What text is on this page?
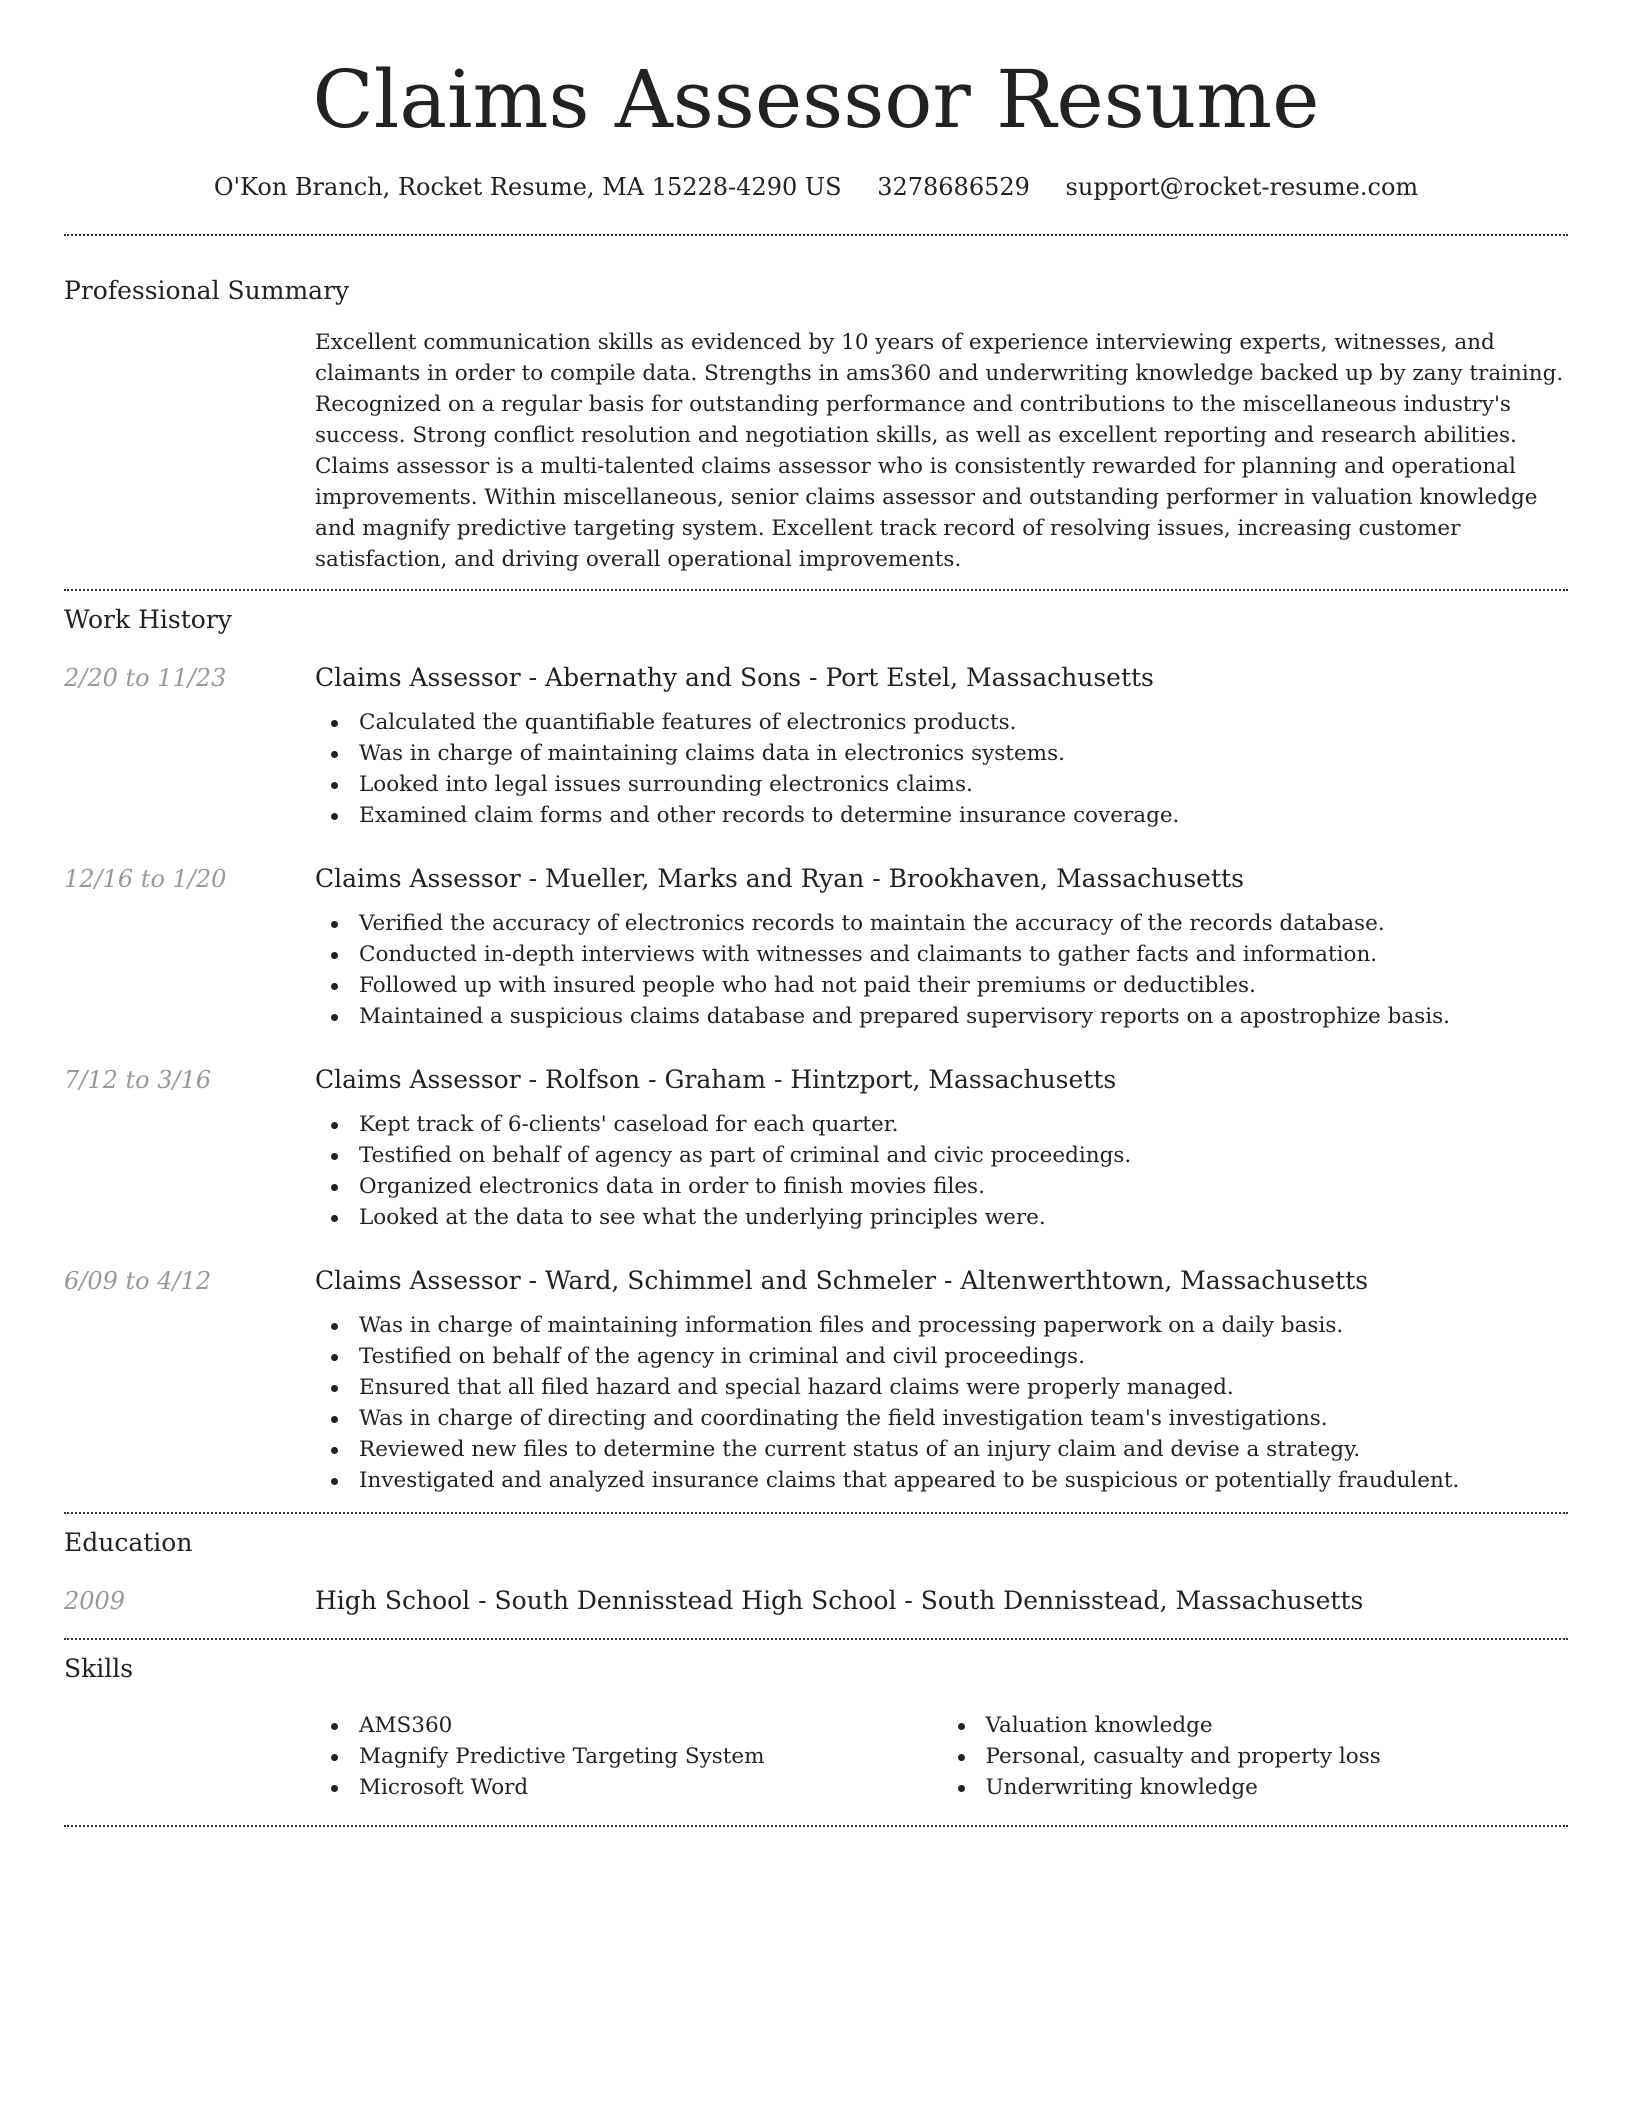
Claims Assessor Resume
O'Kon Branch, Rocket Resume, MA 15228-4290 US 3278686529 support@rocket-resume.com
Professional Summary
Excellent communication skills as evidenced by 10 years of experience interviewing experts, witnesses, and claimants in order to compile data. Strengths in ams360 and underwriting knowledge backed up by zany training. Recognized on a regular basis for outstanding performance and contributions to the miscellaneous industry's success. Strong conflict resolution and negotiation skills, as well as excellent reporting and research abilities. Claims assessor is a multi-talented claims assessor who is consistently rewarded for planning and operational improvements. Within miscellaneous, senior claims assessor and outstanding performer in valuation knowledge and magnify predictive targeting system. Excellent track record of resolving issues, increasing customer satisfaction, and driving overall operational improvements.
Work History
2/20 to 11/23	Claims Assessor - Abernathy and Sons - Port Estel, Massachusetts
Calculated the quantifiable features of electronics products.
Was in charge of maintaining claims data in electronics systems.
Looked into legal issues surrounding electronics claims.
Examined claim forms and other records to determine insurance coverage.
12/16 to 1/20	Claims Assessor - Mueller, Marks and Ryan - Brookhaven, Massachusetts
Verified the accuracy of electronics records to maintain the accuracy of the records database.
Conducted in-depth interviews with witnesses and claimants to gather facts and information.
Followed up with insured people who had not paid their premiums or deductibles.
Maintained a suspicious claims database and prepared supervisory reports on a apostrophize basis.
7/12 to 3/16	Claims Assessor - Rolfson - Graham - Hintzport, Massachusetts
Kept track of 6-clients' caseload for each quarter.
Testified on behalf of agency as part of criminal and civic proceedings.
Organized electronics data in order to finish movies files.
Looked at the data to see what the underlying principles were.
6/09 to 4/12	Claims Assessor - Ward, Schimmel and Schmeler - Altenwerthtown, Massachusetts
Was in charge of maintaining information files and processing paperwork on a daily basis.
Testified on behalf of the agency in criminal and civil proceedings.
Ensured that all filed hazard and special hazard claims were properly managed.
Was in charge of directing and coordinating the field investigation team's investigations.
Reviewed new files to determine the current status of an injury claim and devise a strategy.
Investigated and analyzed insurance claims that appeared to be suspicious or potentially fraudulent.
Education
2009	High School - South Dennisstead High School - South Dennisstead, Massachusetts
Skills
AMS360
Magnify Predictive Targeting System
Microsoft Word
Valuation knowledge
Personal, casualty and property loss
Underwriting knowledge
